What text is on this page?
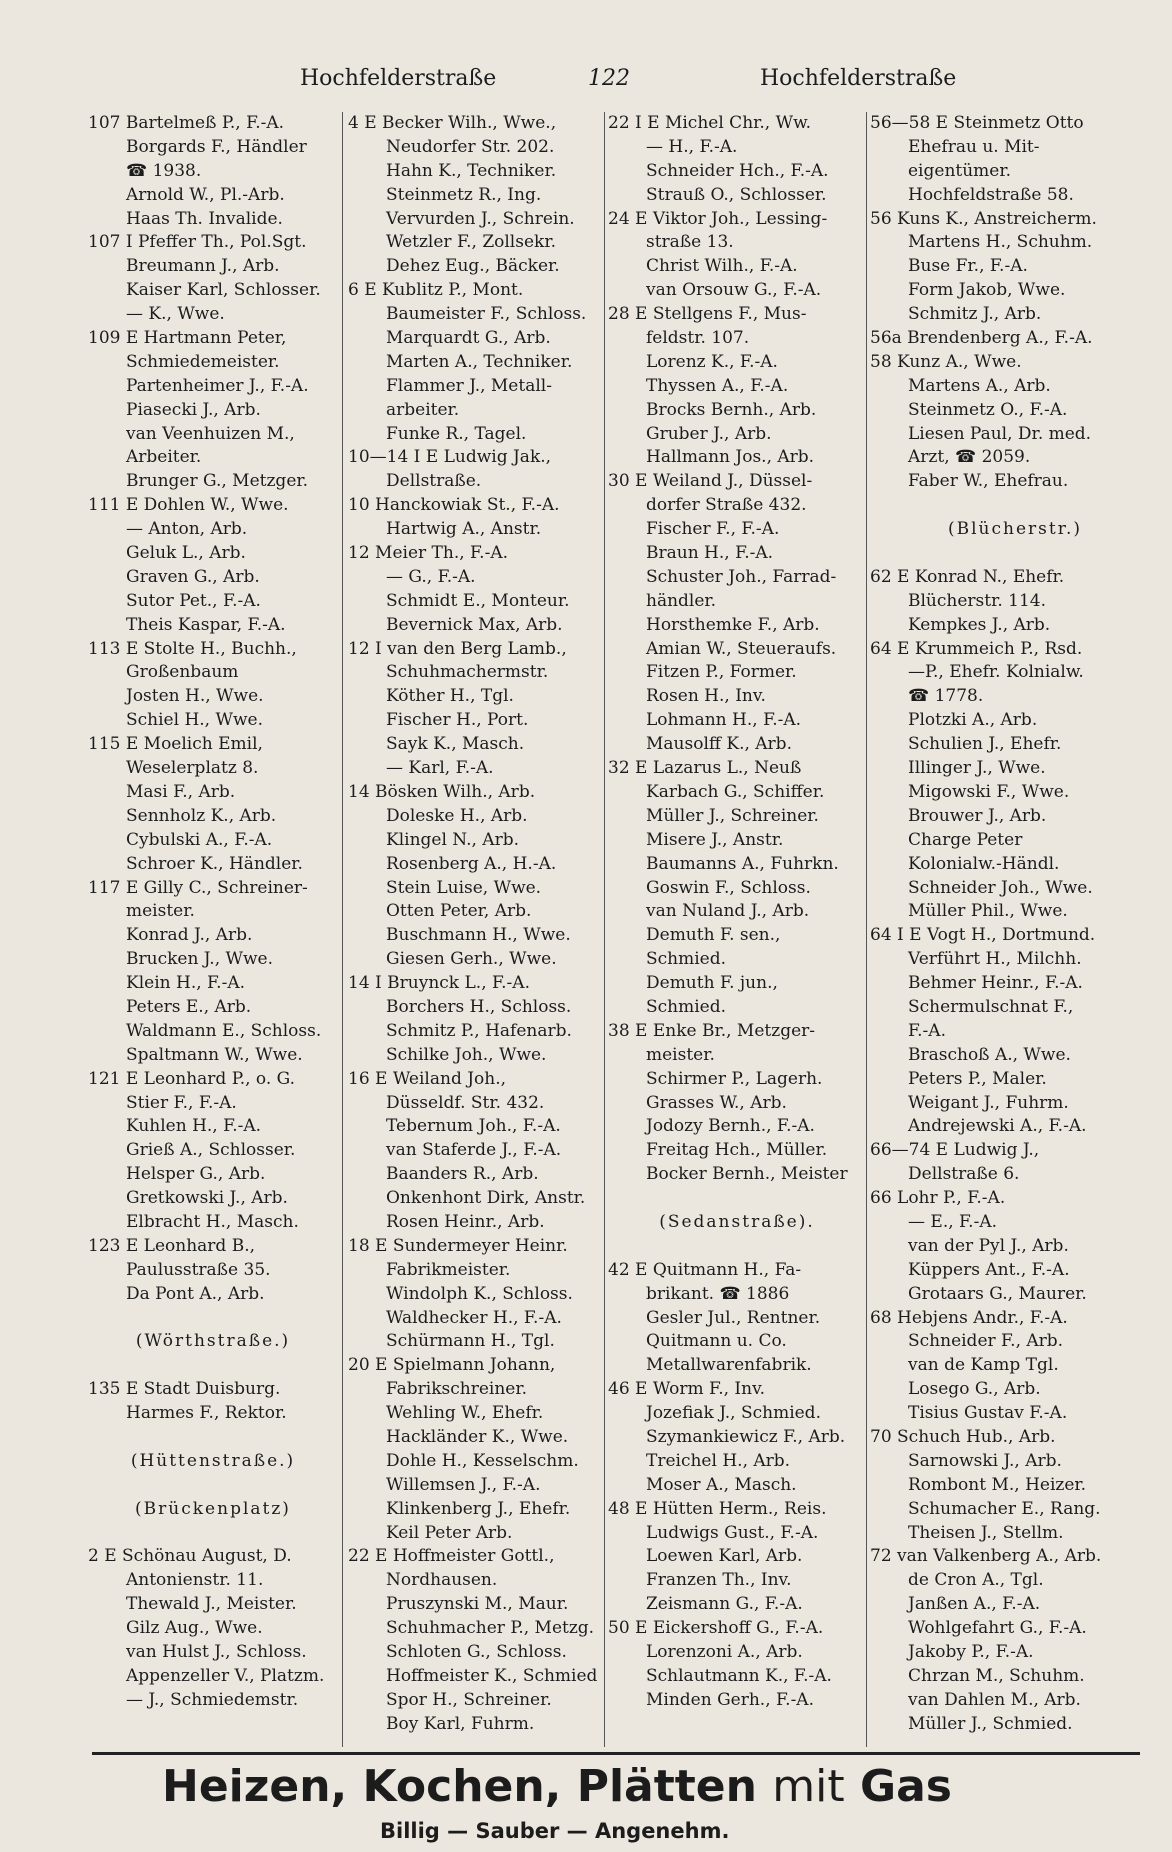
Hochfelderstraße	122	Hochfelderstraße
107 Bartelmeß P., F.-A.
Borgards F., Händler
☎ 1938.
Arnold W., Pl.-Arb.
Haas Th. Invalide.
107 I Pfeffer Th., Pol.Sgt.
Breumann J., Arb.
Kaiser Karl, Schlosser.
— K., Wwe.
109 E Hartmann Peter,
Schmiedemeister.
Partenheimer J., F.-A.
Piasecki J., Arb.
van Veenhuizen M.,
Arbeiter.
Brunger G., Metzger.
111 E Dohlen W., Wwe.
— Anton, Arb.
Geluk L., Arb.
Graven G., Arb.
Sutor Pet., F.-A.
Theis Kaspar, F.-A.
113 E Stolte H., Buchh.,
Großenbaum
Josten H., Wwe.
Schiel H., Wwe.
115 E Moelich Emil,
Weselerplatz 8.
Masi F., Arb.
Sennholz K., Arb.
Cybulski A., F.-A.
Schroer K., Händler.
117 E Gilly C., Schreiner-
meister.
Konrad J., Arb.
Brucken J., Wwe.
Klein H., F.-A.
Peters E., Arb.
Waldmann E., Schloss.
Spaltmann W., Wwe.
121 E Leonhard P., o. G.
Stier F., F.-A.
Kuhlen H., F.-A.
Grieß A., Schlosser.
Helsper G., Arb.
Gretkowski J., Arb.
Elbracht H., Masch.
123 E Leonhard B.,
Paulusstraße 35.
Da Pont A., Arb.
(Wörthstraße.)
135 E Stadt Duisburg.
Harmes F., Rektor.
(Hüttenstraße.)
(Brückenplatz)
2 E Schönau August, D.
Antonienstr. 11.
Thewald J., Meister.
Gilz Aug., Wwe.
van Hulst J., Schloss.
Appenzeller V., Platzm.
— J., Schmiedemstr.
4 E Becker Wilh., Wwe.,
Neudorfer Str. 202.
Hahn K., Techniker.
Steinmetz R., Ing.
Vervurden J., Schrein.
Wetzler F., Zollsekr.
Dehez Eug., Bäcker.
6 E Kublitz P., Mont.
Baumeister F., Schloss.
Marquardt G., Arb.
Marten A., Techniker.
Flammer J., Metall-
arbeiter.
Funke R., Tagel.
10—14 I E Ludwig Jak.,
Dellstraße.
10 Hanckowiak St., F.-A.
Hartwig A., Anstr.
12 Meier Th., F.-A.
— G., F.-A.
Schmidt E., Monteur.
Bevernick Max, Arb.
12 I van den Berg Lamb.,
Schuhmachermstr.
Köther H., Tgl.
Fischer H., Port.
Sayk K., Masch.
— Karl, F.-A.
14 Bösken Wilh., Arb.
Doleske H., Arb.
Klingel N., Arb.
Rosenberg A., H.-A.
Stein Luise, Wwe.
Otten Peter, Arb.
Buschmann H., Wwe.
Giesen Gerh., Wwe.
14 I Bruynck L., F.-A.
Borchers H., Schloss.
Schmitz P., Hafenarb.
Schilke Joh., Wwe.
16 E Weiland Joh.,
Düsseldf. Str. 432.
Tebernum Joh., F.-A.
van Staferde J., F.-A.
Baanders R., Arb.
Onkenhont Dirk, Anstr.
Rosen Heinr., Arb.
18 E Sundermeyer Heinr.
Fabrikmeister.
Windolph K., Schloss.
Waldhecker H., F.-A.
Schürmann H., Tgl.
20 E Spielmann Johann,
Fabrikschreiner.
Wehling W., Ehefr.
Hackländer K., Wwe.
Dohle H., Kesselschm.
Willemsen J., F.-A.
Klinkenberg J., Ehefr.
Keil Peter Arb.
22 E Hoffmeister Gottl.,
Nordhausen.
Pruszynski M., Maur.
Schuhmacher P., Metzg.
Schloten G., Schloss.
Hoffmeister K., Schmied
Spor H., Schreiner.
Boy Karl, Fuhrm.
22 I E Michel Chr., Ww.
— H., F.-A.
Schneider Hch., F.-A.
Strauß O., Schlosser.
24 E Viktor Joh., Lessing-
straße 13.
Christ Wilh., F.-A.
van Orsouw G., F.-A.
28 E Stellgens F., Mus-
feldstr. 107.
Lorenz K., F.-A.
Thyssen A., F.-A.
Brocks Bernh., Arb.
Gruber J., Arb.
Hallmann Jos., Arb.
30 E Weiland J., Düssel-
dorfer Straße 432.
Fischer F., F.-A.
Braun H., F.-A.
Schuster Joh., Farrad-
händler.
Horsthemke F., Arb.
Amian W., Steueraufs.
Fitzen P., Former.
Rosen H., Inv.
Lohmann H., F.-A.
Mausolff K., Arb.
32 E Lazarus L., Neuß
Karbach G., Schiffer.
Müller J., Schreiner.
Misere J., Anstr.
Baumanns A., Fuhrkn.
Goswin F., Schloss.
van Nuland J., Arb.
Demuth F. sen.,
Schmied.
Demuth F. jun.,
Schmied.
38 E Enke Br., Metzger-
meister.
Schirmer P., Lagerh.
Grasses W., Arb.
Jodozy Bernh., F.-A.
Freitag Hch., Müller.
Bocker Bernh., Meister
(Sedanstraße).
42 E Quitmann H., Fa-
brikant. ☎ 1886
Gesler Jul., Rentner.
Quitmann u. Co.
Metallwarenfabrik.
46 E Worm F., Inv.
Jozefiak J., Schmied.
Szymankiewicz F., Arb.
Treichel H., Arb.
Moser A., Masch.
48 E Hütten Herm., Reis.
Ludwigs Gust., F.-A.
Loewen Karl, Arb.
Franzen Th., Inv.
Zeismann G., F.-A.
50 E Eickershoff G., F.-A.
Lorenzoni A., Arb.
Schlautmann K., F.-A.
Minden Gerh., F.-A.
56—58 E Steinmetz Otto
Ehefrau u. Mit-
eigentümer.
Hochfeldstraße 58.
56 Kuns K., Anstreicherm.
Martens H., Schuhm.
Buse Fr., F.-A.
Form Jakob, Wwe.
Schmitz J., Arb.
56a Brendenberg A., F.-A.
58 Kunz A., Wwe.
Martens A., Arb.
Steinmetz O., F.-A.
Liesen Paul, Dr. med.
Arzt, ☎ 2059.
Faber W., Ehefrau.
(Blücherstr.)
62 E Konrad N., Ehefr.
Blücherstr. 114.
Kempkes J., Arb.
64 E Krummeich P., Rsd.
—P., Ehefr. Kolnialw.
☎ 1778.
Plotzki A., Arb.
Schulien J., Ehefr.
Illinger J., Wwe.
Migowski F., Wwe.
Brouwer J., Arb.
Charge Peter
Kolonialw.-Händl.
Schneider Joh., Wwe.
Müller Phil., Wwe.
64 I E Vogt H., Dortmund.
Verführt H., Milchh.
Behmer Heinr., F.-A.
Schermulschnat F.,
F.-A.
Braschoß A., Wwe.
Peters P., Maler.
Weigant J., Fuhrm.
Andrejewski A., F.-A.
66—74 E Ludwig J.,
Dellstraße 6.
66 Lohr P., F.-A.
— E., F.-A.
van der Pyl J., Arb.
Küppers Ant., F.-A.
Grotaars G., Maurer.
68 Hebjens Andr., F.-A.
Schneider F., Arb.
van de Kamp Tgl.
Losego G., Arb.
Tisius Gustav F.-A.
70 Schuch Hub., Arb.
Sarnowski J., Arb.
Rombont M., Heizer.
Schumacher E., Rang.
Theisen J., Stellm.
72 van Valkenberg A., Arb.
de Cron A., Tgl.
Janßen A., F.-A.
Wohlgefahrt G., F.-A.
Jakoby P., F.-A.
Chrzan M., Schuhm.
van Dahlen M., Arb.
Müller J., Schmied.
Heizen, Kochen, Plätten mit Gas
Billig — Sauber — Angenehm.
